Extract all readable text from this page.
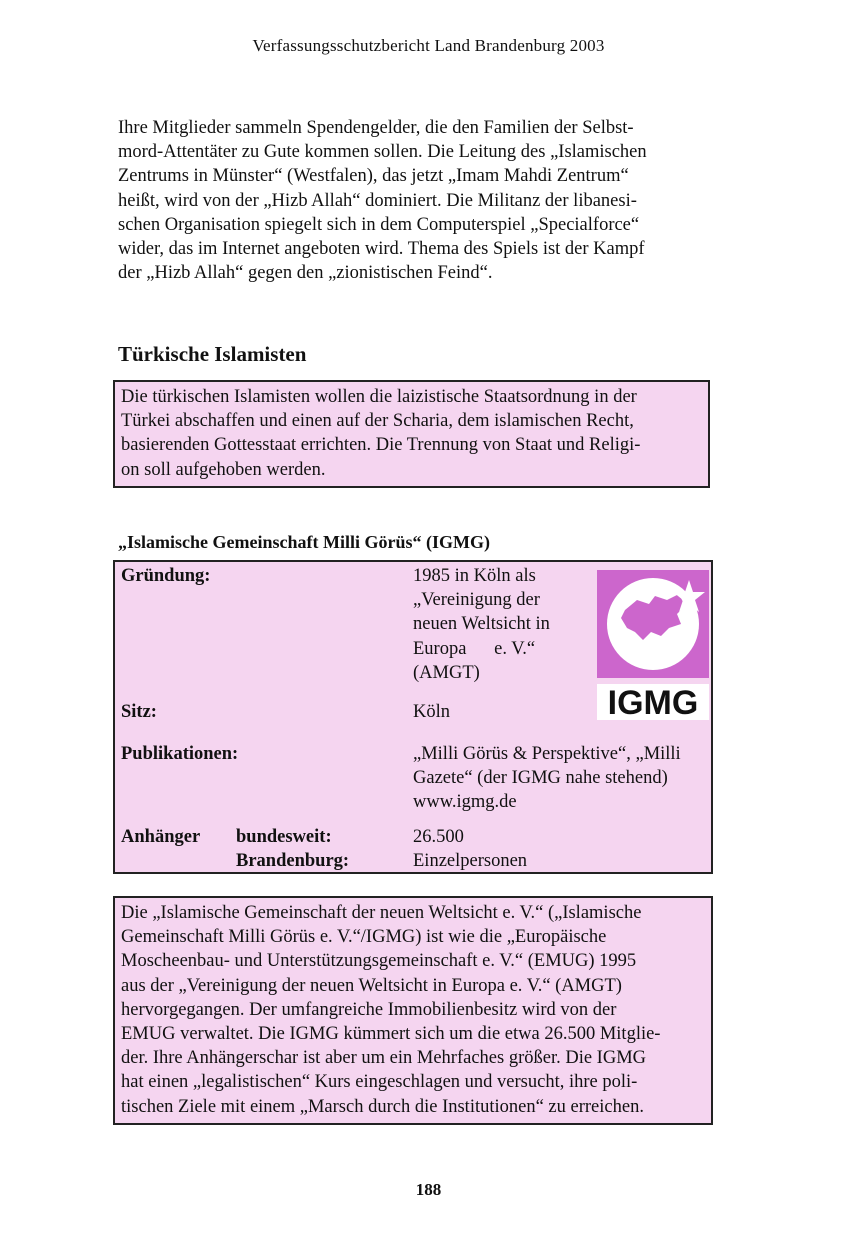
Verfassungsschutzbericht Land Brandenburg 2003

Ihre Mitglieder sammeln Spendengelder, die den Familien der Selbst-

mord-Attentäter zu Gute kommen sollen. Die Leitung des „Islamischen

Zentrums in Münster“ (Westfalen), das jetzt „Imam Mahdi Zentrum“

heißt, wird von der „Hizb Allah“ dominiert. Die Militanz der libanesi-

schen Organisation spiegelt sich in dem Computerspiel „Specialforce“

wider, das im Internet angeboten wird. Thema des Spiels ist der Kampf

der „Hizb Allah“ gegen den „zionistischen Feind“.

Türkische Islamisten

Die türkischen Islamisten wollen die laizistische Staatsordnung in der

Türkei abschaffen und einen auf der Scharia, dem islamischen Recht,

basierenden Gottesstaat errichten. Die Trennung von Staat und Religi-

on soll aufgehoben werden.

„Islamische Gemeinschaft Milli Görüs“ (IGMG)
Gründung:	1985 in Köln als
„Vereinigung der
neuen Weltsicht in
Europa      e. V.“
(AMGT)
IGMG
Sitz:	Köln
Publikationen:	„Milli Görüs & Perspektive“, „Milli
Gazete“ (der IGMG nahe stehend)
www.igmg.de
Anhänger bundesweit:	26.500
Brandenburg:	Einzelpersonen

Die „Islamische Gemeinschaft der neuen Weltsicht e. V.“ („Islamische

Gemeinschaft Milli Görüs e. V.“/IGMG) ist wie die „Europäische

Moscheenbau- und Unterstützungsgemeinschaft e. V.“ (EMUG) 1995

aus der „Vereinigung der neuen Weltsicht in Europa e. V.“ (AMGT)

hervorgegangen. Der umfangreiche Immobilienbesitz wird von der

EMUG verwaltet. Die IGMG kümmert sich um die etwa 26.500 Mitglie-

der. Ihre Anhängerschar ist aber um ein Mehrfaches größer. Die IGMG

hat einen „legalistischen“ Kurs eingeschlagen und versucht, ihre poli-

tischen Ziele mit einem „Marsch durch die Institutionen“ zu erreichen.

188
